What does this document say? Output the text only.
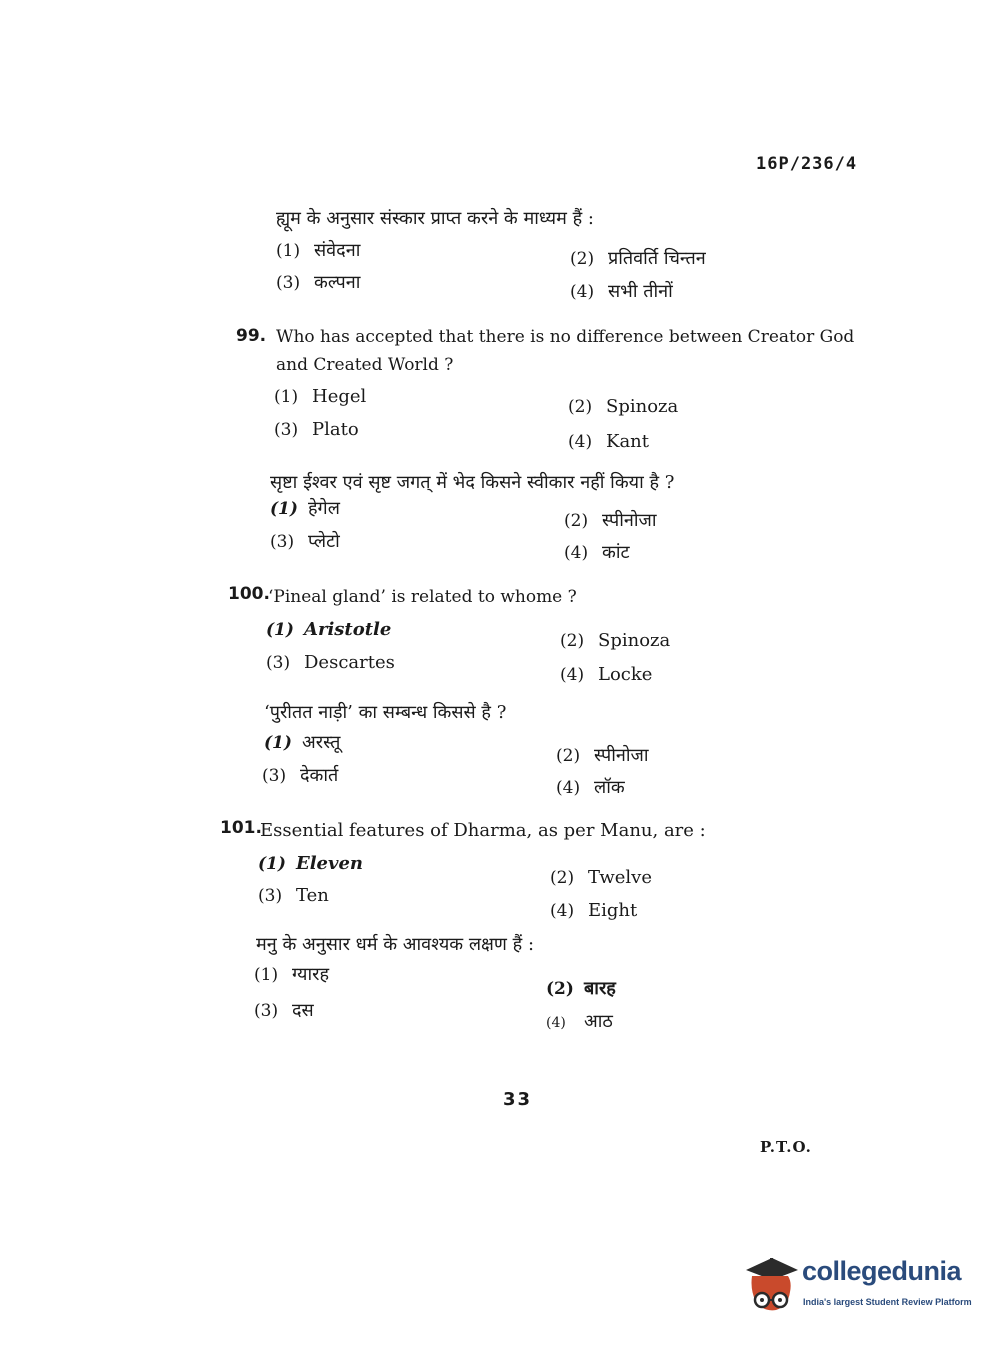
16P/236/4
ह्यूम के अनुसार संस्कार प्राप्त करने के माध्यम हैं :
(1) संवेदना	(2) प्रतिवर्ति चिन्तन
(3) कल्पना	(4) सभी तीनों
99. Who has accepted that there is no difference between Creator God
and Created World ?
(1) Hegel	(2) Spinoza
(3) Plato
(4) Kant
सृष्टा ईश्वर एवं सृष्ट जगत् में भेद किसने स्वीकार नहीं किया है ?
(1) हेगेल
(2) स्पीनोजा
(3) प्लेटो
(4) कांट
100.
‘Pineal gland’ is related to whome ?
(1) Aristotle
(2) Spinoza
(3) Descartes
(4) Locke
‘पुरीतत नाड़ी’ का सम्बन्ध किससे है ?
(1) अरस्तू
(2) स्पीनोजा
(3) देकार्त
(4) लॉक
101.
Essential features of Dharma, as per Manu, are :
(1) Eleven
(2) Twelve
(3) Ten
(4) Eight
मनु के अनुसार धर्म के आवश्यक लक्षण हैं :
(1) ग्यारह
(2) बारह
(3) दस
(4) आठ
33
P.T.O.
collegedunia
India's largest Student Review Platform
